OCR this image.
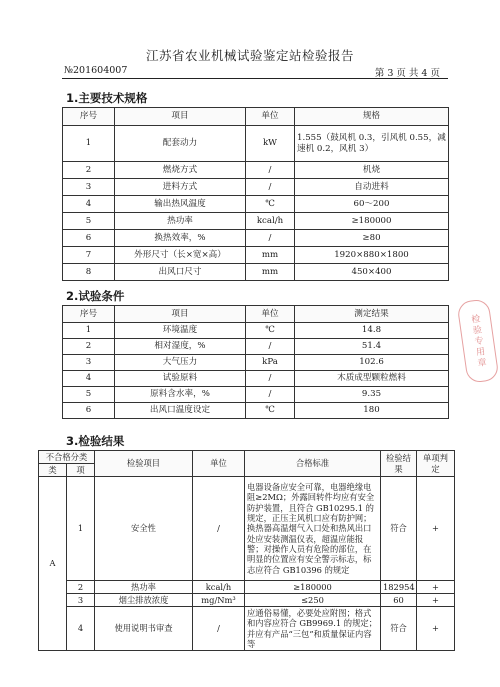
江苏省农业机械试验鉴定站检验报告
№201604007	第 3 页 共 4 页
1.主要技术规格
序号	项目	单位	规格
1	配套动力	kW	1.555（鼓风机 0.3，引风机 0.55，减速机 0.2，风机 3）
2	燃烧方式	/	机烧
3	进料方式	/	自动进料
4	输出热风温度	℃	60～200
5	热功率	kcal/h	≥180000
6	换热效率，%	/	≥80
7	外形尺寸（长×宽×高）	mm	1920×880×1800
8	出风口尺寸	mm	450×400
2.试验条件
序号	项目	单位	测定结果
1	环境温度	℃	14.8
2	相对湿度，%	/	51.4
3	大气压力	kPa	102.6
4	试验原料	/	木质成型颗粒燃料
5	原料含水率，%	/	9.35
6	出风口温度设定	℃	180
3.检验结果
不合格分类		检验项目	单位	合格标准	检验结果	单项判定
类	项					
A	1	安全性	/	电器设备应安全可靠，电器绝缘电阻≥2MΩ；外露回转件均应有安全防护装置，且符合 GB10295.1 的规定，正压主风机口应有防护网；换热器高温烟气入口处和热风出口处应安装测温仪表，超温应能报警；对操作人员有危险的部位，在明显的位置应有安全警示标志，标志应符合 GB10396 的规定	符合	+
	2	热功率	kcal/h	≥180000	182954	+
	3	烟尘排放浓度	mg/Nm³	≤250	60	+
	4	使用说明书审查	/	应通俗易懂，必要处应附图；格式和内容应符合 GB9969.1 的规定；并应有产品“三包”和质量保证内容等	符合	+
检验专用章
